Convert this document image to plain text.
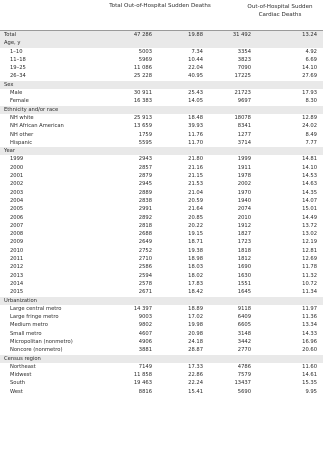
Total Out-of-Hospital Sudden Deaths	Out-of-Hospital Sudden Cardiac Deaths
Total	47 286	19.88	31 492	13.24
Age, y
1–10	5003	7.34	3354	4.92
11–18	5969	10.44	3823	6.69
19–25	11 086	22.04	7090	14.10
26–34	25 228	40.95	17225	27.69
Sex
Male	30 911	25.43	21723	17.93
Female	16 383	14.05	9697	8.30
Ethnicity and/or race
NH white	25 913	18.48	18078	12.89
NH African American	13 659	39.93	8341	24.02
NH other	1759	11.76	1277	8.49
Hispanic	5595	11.70	3714	7.77
Year
1999	2943	21.80	1999	14.81
2000	2857	21.16	1911	14.10
2001	2879	21.15	1978	14.53
2002	2945	21.53	2002	14.63
2003	2889	21.04	1970	14.35
2004	2838	20.59	1940	14.07
2005	2991	21.64	2074	15.01
2006	2892	20.85	2010	14.49
2007	2818	20.22	1912	13.72
2008	2688	19.15	1827	13.02
2009	2649	18.71	1723	12.19
2010	2752	19.38	1818	12.81
2011	2710	18.98	1812	12.69
2012	2586	18.03	1690	11.78
2013	2594	18.02	1630	11.32
2014	2578	17.83	1551	10.72
2015	2671	18.42	1645	11.34
Urbanization
Large central metro	14 397	18.89	9118	11.97
Large fringe metro	9003	17.02	6409	11.36
Medium metro	9802	19.98	6605	13.34
Small metro	4607	20.98	3148	14.33
Micropolitan (nonmetro)	4906	24.18	3442	16.96
Noncore (nonmetro)	3881	28.87	2770	20.60
Census region
Northeast	7149	17.33	4786	11.60
Midwest	11 858	22.86	7579	14.61
South	19 463	22.24	13437	15.35
West	8816	15.41	5690	9.95
